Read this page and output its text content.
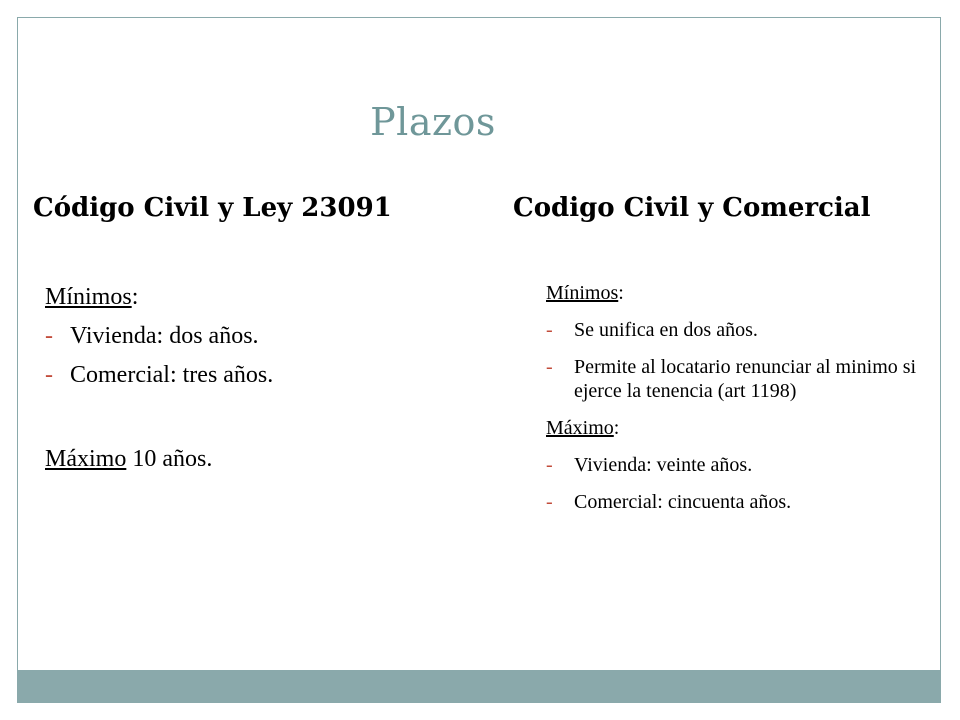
Plazos
Código Civil y Ley 23091	Codigo Civil y Comercial

Mínimos:

- Vivienda: dos años.
- Comercial: tres años.

Máximo 10 años.

Mínimos:

-	Se unifica en dos años.
-	Permite al locatario renunciar al minimo si ejerce la tenencia (art 1198)

Máximo:

-	Vivienda: veinte años.
-	Comercial: cincuenta años.
